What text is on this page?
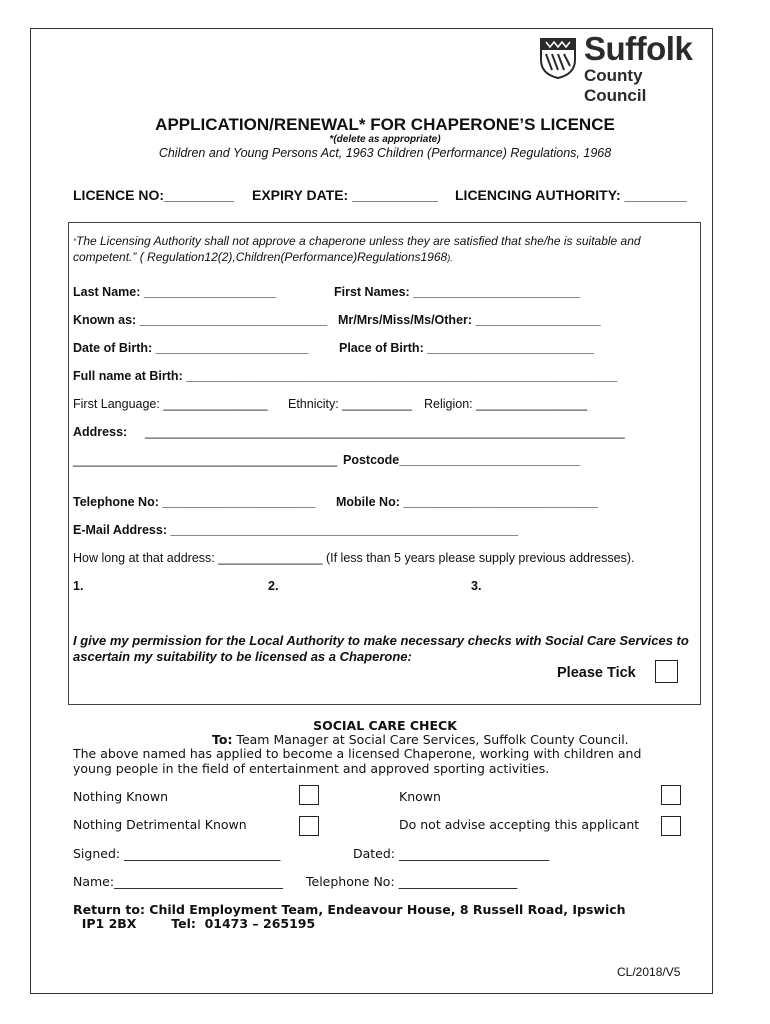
Suffolk
County Council
APPLICATION/RENEWAL* FOR CHAPERONE’S LICENCE
*(delete as appropriate)
Children and Young Persons Act, 1963 Children (Performance) Regulations, 1968
LICENCE NO:_________ EXPIRY DATE: ___________ LICENCING AUTHORITY: ________
“The Licensing Authority shall not approve a chaperone unless they are satisfied that she/he is suitable and competent.” ( Regulation12(2),Children(Performance)Regulations1968).
Last Name: ___________________	First Names: ________________________
Known as: ___________________________ Mr/Mrs/Miss/Ms/Other: __________________
Date of Birth: ______________________ Place of Birth: ________________________
Full name at Birth: ______________________________________________________________
First Language: _______________ Ethnicity: __________ Religion: ________________
Address: _____________________________________________________________________
______________________________________ Postcode__________________________
Telephone No: ______________________ Mobile No: ____________________________
E-Mail Address: __________________________________________________
How long at that address: _______________ (If less than 5 years please supply previous addresses).
1.	2.	3.
I give my permission for the Local Authority to make necessary checks with Social Care Services to ascertain my suitability to be licensed as a Chaperone:
Please Tick
SOCIAL CARE CHECK
To: Team Manager at Social Care Services, Suffolk County Council.
The above named has applied to become a licensed Chaperone, working with children and
young people in the field of entertainment and approved sporting activities.
Nothing Known	Known
Nothing Detrimental Known	Do not advise accepting this applicant
Signed: _________________________	Dated: ________________________
Name:___________________________ Telephone No: ___________________
Return to: Child Employment Team, Endeavour House, 8 Russell Road, Ipswich
IP1 2BX        Tel:  01473 – 265195
CL/2018/V5
